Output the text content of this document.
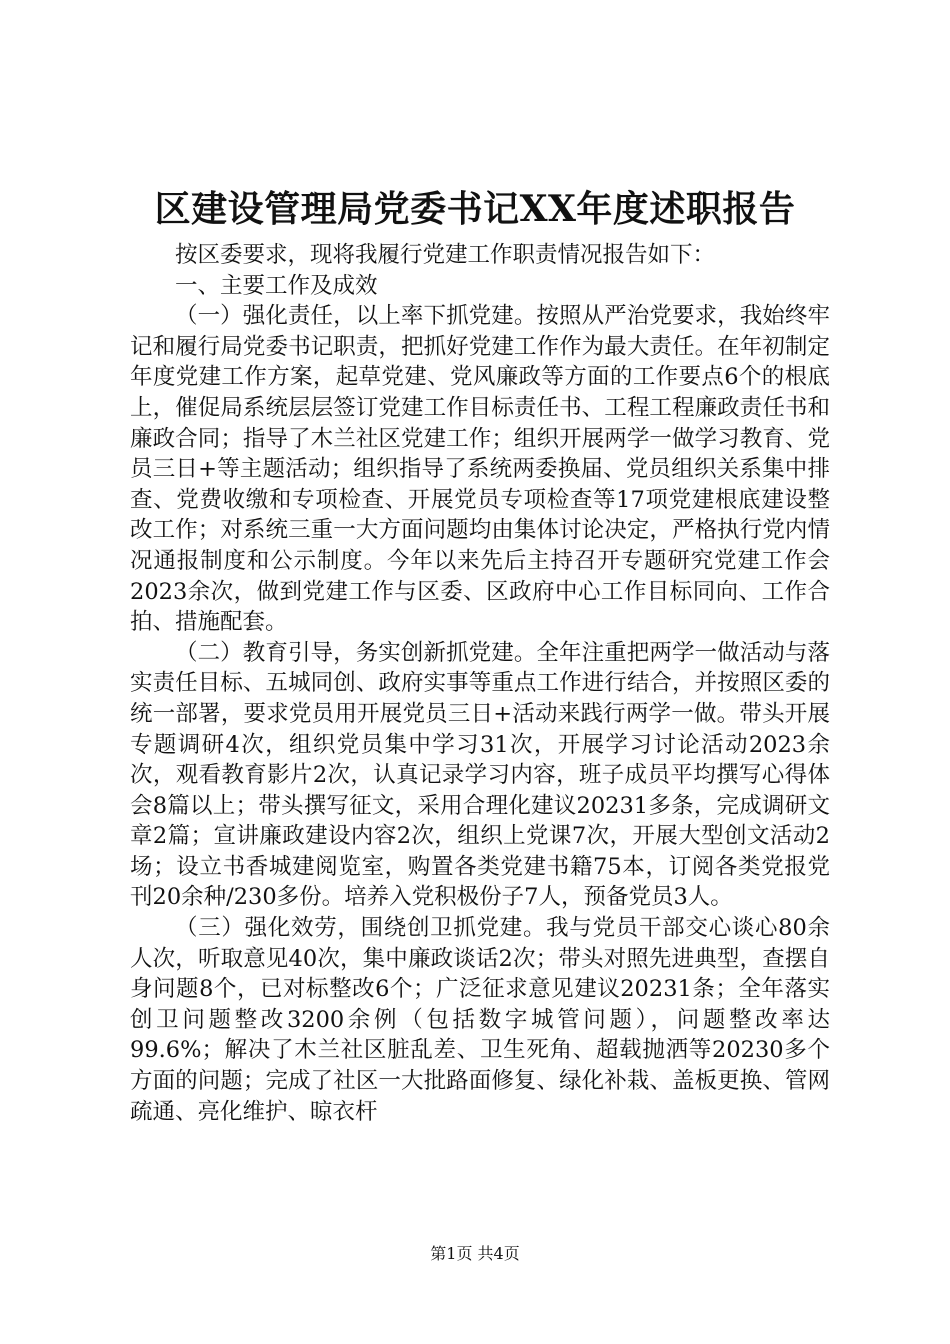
区建设管理局党委书记XX年度述职报告

按区委要求，现将我履行党建工作职责情况报告如下：

一、主要工作及成效

（一）强化责任，以上率下抓党建。按照从严治党要求，我始终牢记和履行局党委书记职责，把抓好党建工作作为最大责任。在年初制定年度党建工作方案，起草党建、党风廉政等方面的工作要点6个的根底上，催促局系统层层签订党建工作目标责任书、工程工程廉政责任书和廉政合同；指导了木兰社区党建工作；组织开展两学一做学习教育、党员三日+等主题活动；组织指导了系统两委换届、党员组织关系集中排查、党费收缴和专项检查、开展党员专项检查等17项党建根底建设整改工作；对系统三重一大方面问题均由集体讨论决定，严格执行党内情况通报制度和公示制度。今年以来先后主持召开专题研究党建工作会2023余次，做到党建工作与区委、区政府中心工作目标同向、工作合拍、措施配套。

（二）教育引导，务实创新抓党建。全年注重把两学一做活动与落实责任目标、五城同创、政府实事等重点工作进行结合，并按照区委的统一部署，要求党员用开展党员三日+活动来践行两学一做。带头开展专题调研4次，组织党员集中学习31次，开展学习讨论活动2023余次，观看教育影片2次，认真记录学习内容，班子成员平均撰写心得体会8篇以上；带头撰写征文，采用合理化建议20231多条，完成调研文章2篇；宣讲廉政建设内容2次，组织上党课7次，开展大型创文活动2场；设立书香城建阅览室，购置各类党建书籍75本，订阅各类党报党刊20余种/230多份。培养入党积极份子7人，预备党员3人。

（三）强化效劳，围绕创卫抓党建。我与党员干部交心谈心80余人次，听取意见40次，集中廉政谈话2次；带头对照先进典型，查摆自身问题8个，已对标整改6个；广泛征求意见建议20231条；全年落实创卫问题整改3200余例（包括数字城管问题），问题整改率达99.6%；解决了木兰社区脏乱差、卫生死角、超载抛洒等20230多个方面的问题；完成了社区一大批路面修复、绿化补栽、盖板更换、管网疏通、亮化维护、晾衣杆

第1页 共4页
